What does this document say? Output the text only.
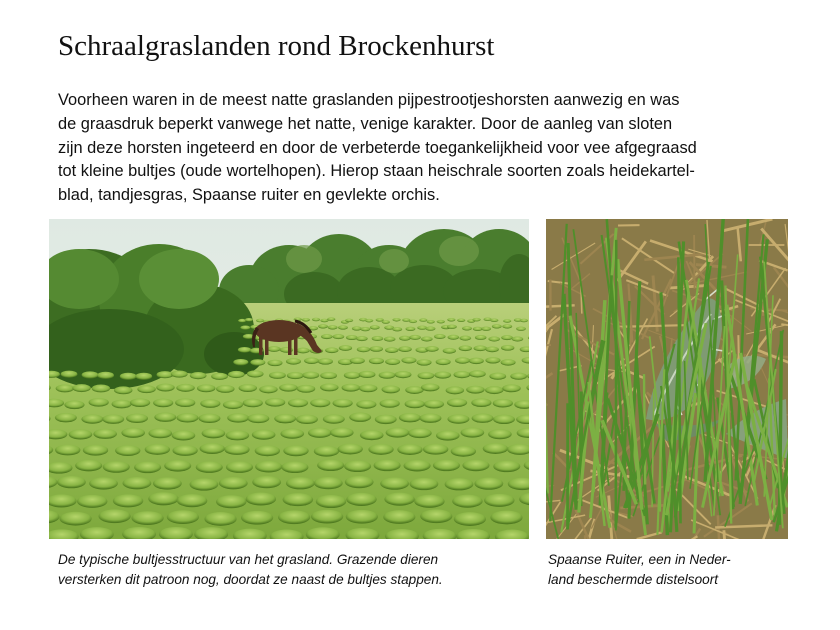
Schraalgraslanden rond Brockenhurst

Voorheen waren in de meest natte graslanden pijpestrootjeshorsten aanwezig en was
de graasdruk beperkt vanwege het natte, venige karakter. Door de aanleg van sloten
zijn deze horsten ingeteerd en door de verbeterde toegankelijkheid voor vee afgegraasd
tot kleine bultjes (oude wortelhopen). Hierop staan heischrale soorten zoals heidekartel-
blad, tandjesgras, Spaanse ruiter en gevlekte orchis.

De typische bultjesstructuur van het grasland. Grazende dieren
versterken dit patroon nog, doordat ze naast de bultjes stappen.

Spaanse Ruiter, een in Neder-
land beschermde distelsoort
